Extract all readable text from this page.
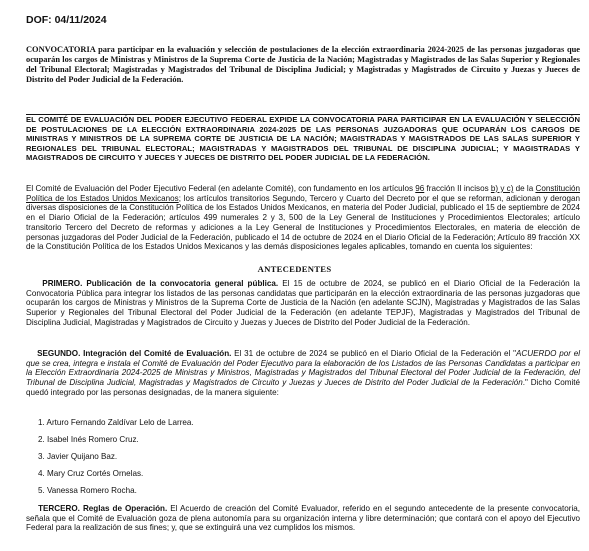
DOF: 04/11/2024

CONVOCATORIA para participar en la evaluación y selección de postulaciones de la elección extraordinaria 2024-2025 de las personas juzgadoras que ocuparán los cargos de Ministras y Ministros de la Suprema Corte de Justicia de la Nación; Magistradas y Magistrados de las Salas Superior y Regionales del Tribunal Electoral; Magistradas y Magistrados del Tribunal de Disciplina Judicial; y Magistradas y Magistrados de Circuito y Juezas y Jueces de Distrito del Poder Judicial de la Federación.

EL COMITÉ DE EVALUACIÓN DEL PODER EJECUTIVO FEDERAL EXPIDE LA CONVOCATORIA PARA PARTICIPAR EN LA EVALUACIÓN Y SELECCIÓN DE POSTULACIONES DE LA ELECCIÓN EXTRAORDINARIA 2024-2025 DE LAS PERSONAS JUZGADORAS QUE OCUPARÁN LOS CARGOS DE MINISTRAS Y MINISTROS DE LA SUPREMA CORTE DE JUSTICIA DE LA NACIÓN; MAGISTRADAS Y MAGISTRADOS DE LAS SALAS SUPERIOR Y REGIONALES DEL TRIBUNAL ELECTORAL; MAGISTRADAS Y MAGISTRADOS DEL TRIBUNAL DE DISCIPLINA JUDICIAL; Y MAGISTRADAS Y MAGISTRADOS DE CIRCUITO Y JUECES Y JUECES DE DISTRITO DEL PODER JUDICIAL DE LA FEDERACIÓN.

El Comité de Evaluación del Poder Ejecutivo Federal (en adelante Comité), con fundamento en los artículos 96 fracción II incisos b) y c) de la Constitución Política de los Estados Unidos Mexicanos; los artículos transitorios Segundo, Tercero y Cuarto del Decreto por el que se reforman, adicionan y derogan diversas disposiciones de la Constitución Política de los Estados Unidos Mexicanos, en materia del Poder Judicial, publicado el 15 de septiembre de 2024 en el Diario Oficial de la Federación; artículos 499 numerales 2 y 3, 500 de la Ley General de Instituciones y Procedimientos Electorales; artículo transitorio Tercero del Decreto de reformas y adiciones a la Ley General de Instituciones y Procedimientos Electorales, en materia de elección de personas juzgadoras del Poder Judicial de la Federación, publicado el 14 de octubre de 2024 en el Diario Oficial de la Federación; Artículo 89 fracción XX de la Constitución Política de los Estados Unidos Mexicanos y las demás disposiciones legales aplicables, tomando en cuenta los siguientes:

ANTECEDENTES

PRIMERO. Publicación de la convocatoria general pública. El 15 de octubre de 2024, se publicó en el Diario Oficial de la Federación la Convocatoria Pública para integrar los listados de las personas candidatas que participarán en la elección extraordinaria de las personas juzgadoras que ocuparán los cargos de Ministras y Ministros de la Suprema Corte de Justicia de la Nación (en adelante SCJN), Magistradas y Magistrados de las Salas Superior y Regionales del Tribunal Electoral del Poder Judicial de la Federación (en adelante TEPJF), Magistradas y Magistrados del Tribunal de Disciplina Judicial, Magistradas y Magistrados de Circuito y Juezas y Jueces de Distrito del Poder Judicial de la Federación.

SEGUNDO. Integración del Comité de Evaluación. El 31 de octubre de 2024 se publicó en el Diario Oficial de la Federación el "ACUERDO por el que se crea, integra e instala el Comité de Evaluación del Poder Ejecutivo para la elaboración de los Listados de las Personas Candidatas a participar en la Elección Extraordinaria 2024-2025 de Ministras y Ministros, Magistradas y Magistrados del Tribunal Electoral del Poder Judicial de la Federación, del Tribunal de Disciplina Judicial, Magistradas y Magistrados de Circuito y Juezas y Jueces de Distrito del Poder Judicial de la Federación." Dicho Comité quedó integrado por las personas designadas, de la manera siguiente:

1. Arturo Fernando Zaldívar Lelo de Larrea.
2. Isabel Inés Romero Cruz.
3. Javier Quijano Baz.
4. Mary Cruz Cortés Ornelas.
5. Vanessa Romero Rocha.

TERCERO. Reglas de Operación. El Acuerdo de creación del Comité Evaluador, referido en el segundo antecedente de la presente convocatoria, señala que el Comité de Evaluación goza de plena autonomía para su organización interna y libre determinación; que contará con el apoyo del Ejecutivo Federal para la realización de sus fines; y, que se extinguirá una vez cumplidos los mismos.
